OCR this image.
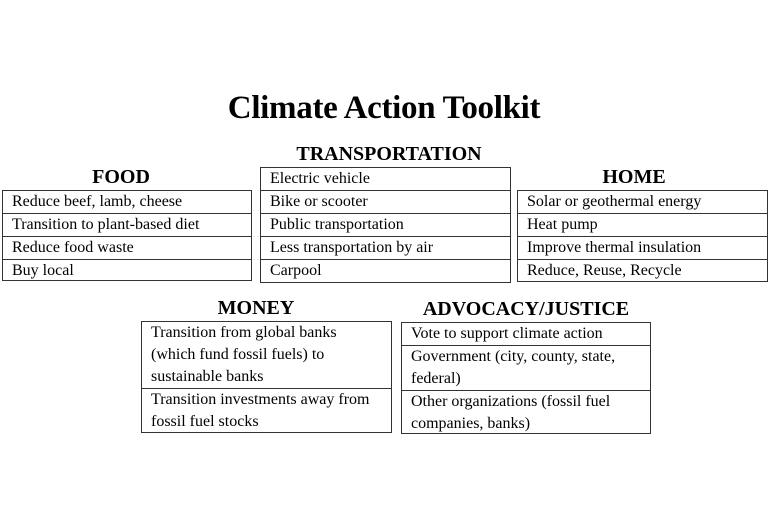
Climate Action Toolkit
FOOD
Reduce beef, lamb, cheese
Transition to plant-based diet
Reduce food waste
Buy local
TRANSPORTATION
Electric vehicle
Bike or scooter
Public transportation
Less transportation by air
Carpool
HOME
Solar or geothermal energy
Heat pump
Improve thermal insulation
Reduce, Reuse, Recycle
MONEY
Transition from global banks (which fund fossil fuels) to sustainable banks
Transition investments away from fossil fuel stocks
ADVOCACY/JUSTICE
Vote to support climate action
Government (city, county, state, federal)
Other organizations (fossil fuel companies, banks)
